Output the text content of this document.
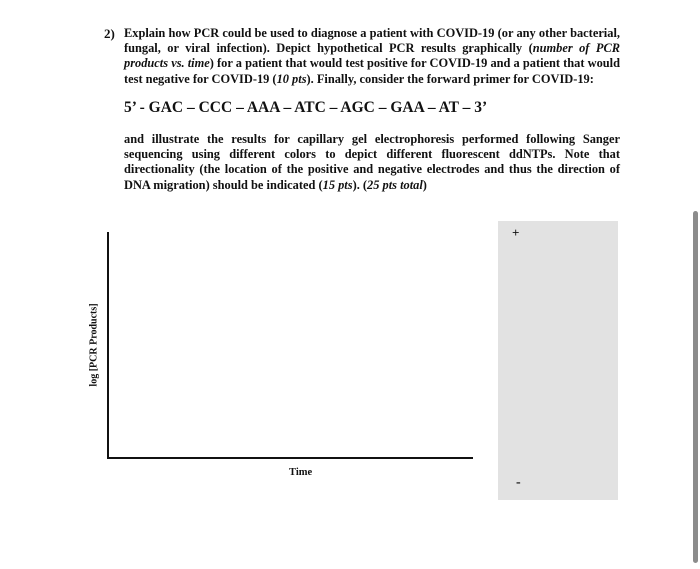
2) Explain how PCR could be used to diagnose a patient with COVID-19 (or any other bacterial, fungal, or viral infection). Depict hypothetical PCR results graphically (number of PCR products vs. time) for a patient that would test positive for COVID-19 and a patient that would test negative for COVID-19 (10 pts). Finally, consider the forward primer for COVID-19:

5’ - GAC – CCC – AAA – ATC – AGC – GAA – AT – 3’

and illustrate the results for capillary gel electrophoresis performed following Sanger sequencing using different colors to depict different fluorescent ddNTPs. Note that directionality (the location of the positive and negative electrodes and thus the direction of DNA migration) should be indicated (15 pts). (25 pts total)

log [PCR Products]
Time
+
-
